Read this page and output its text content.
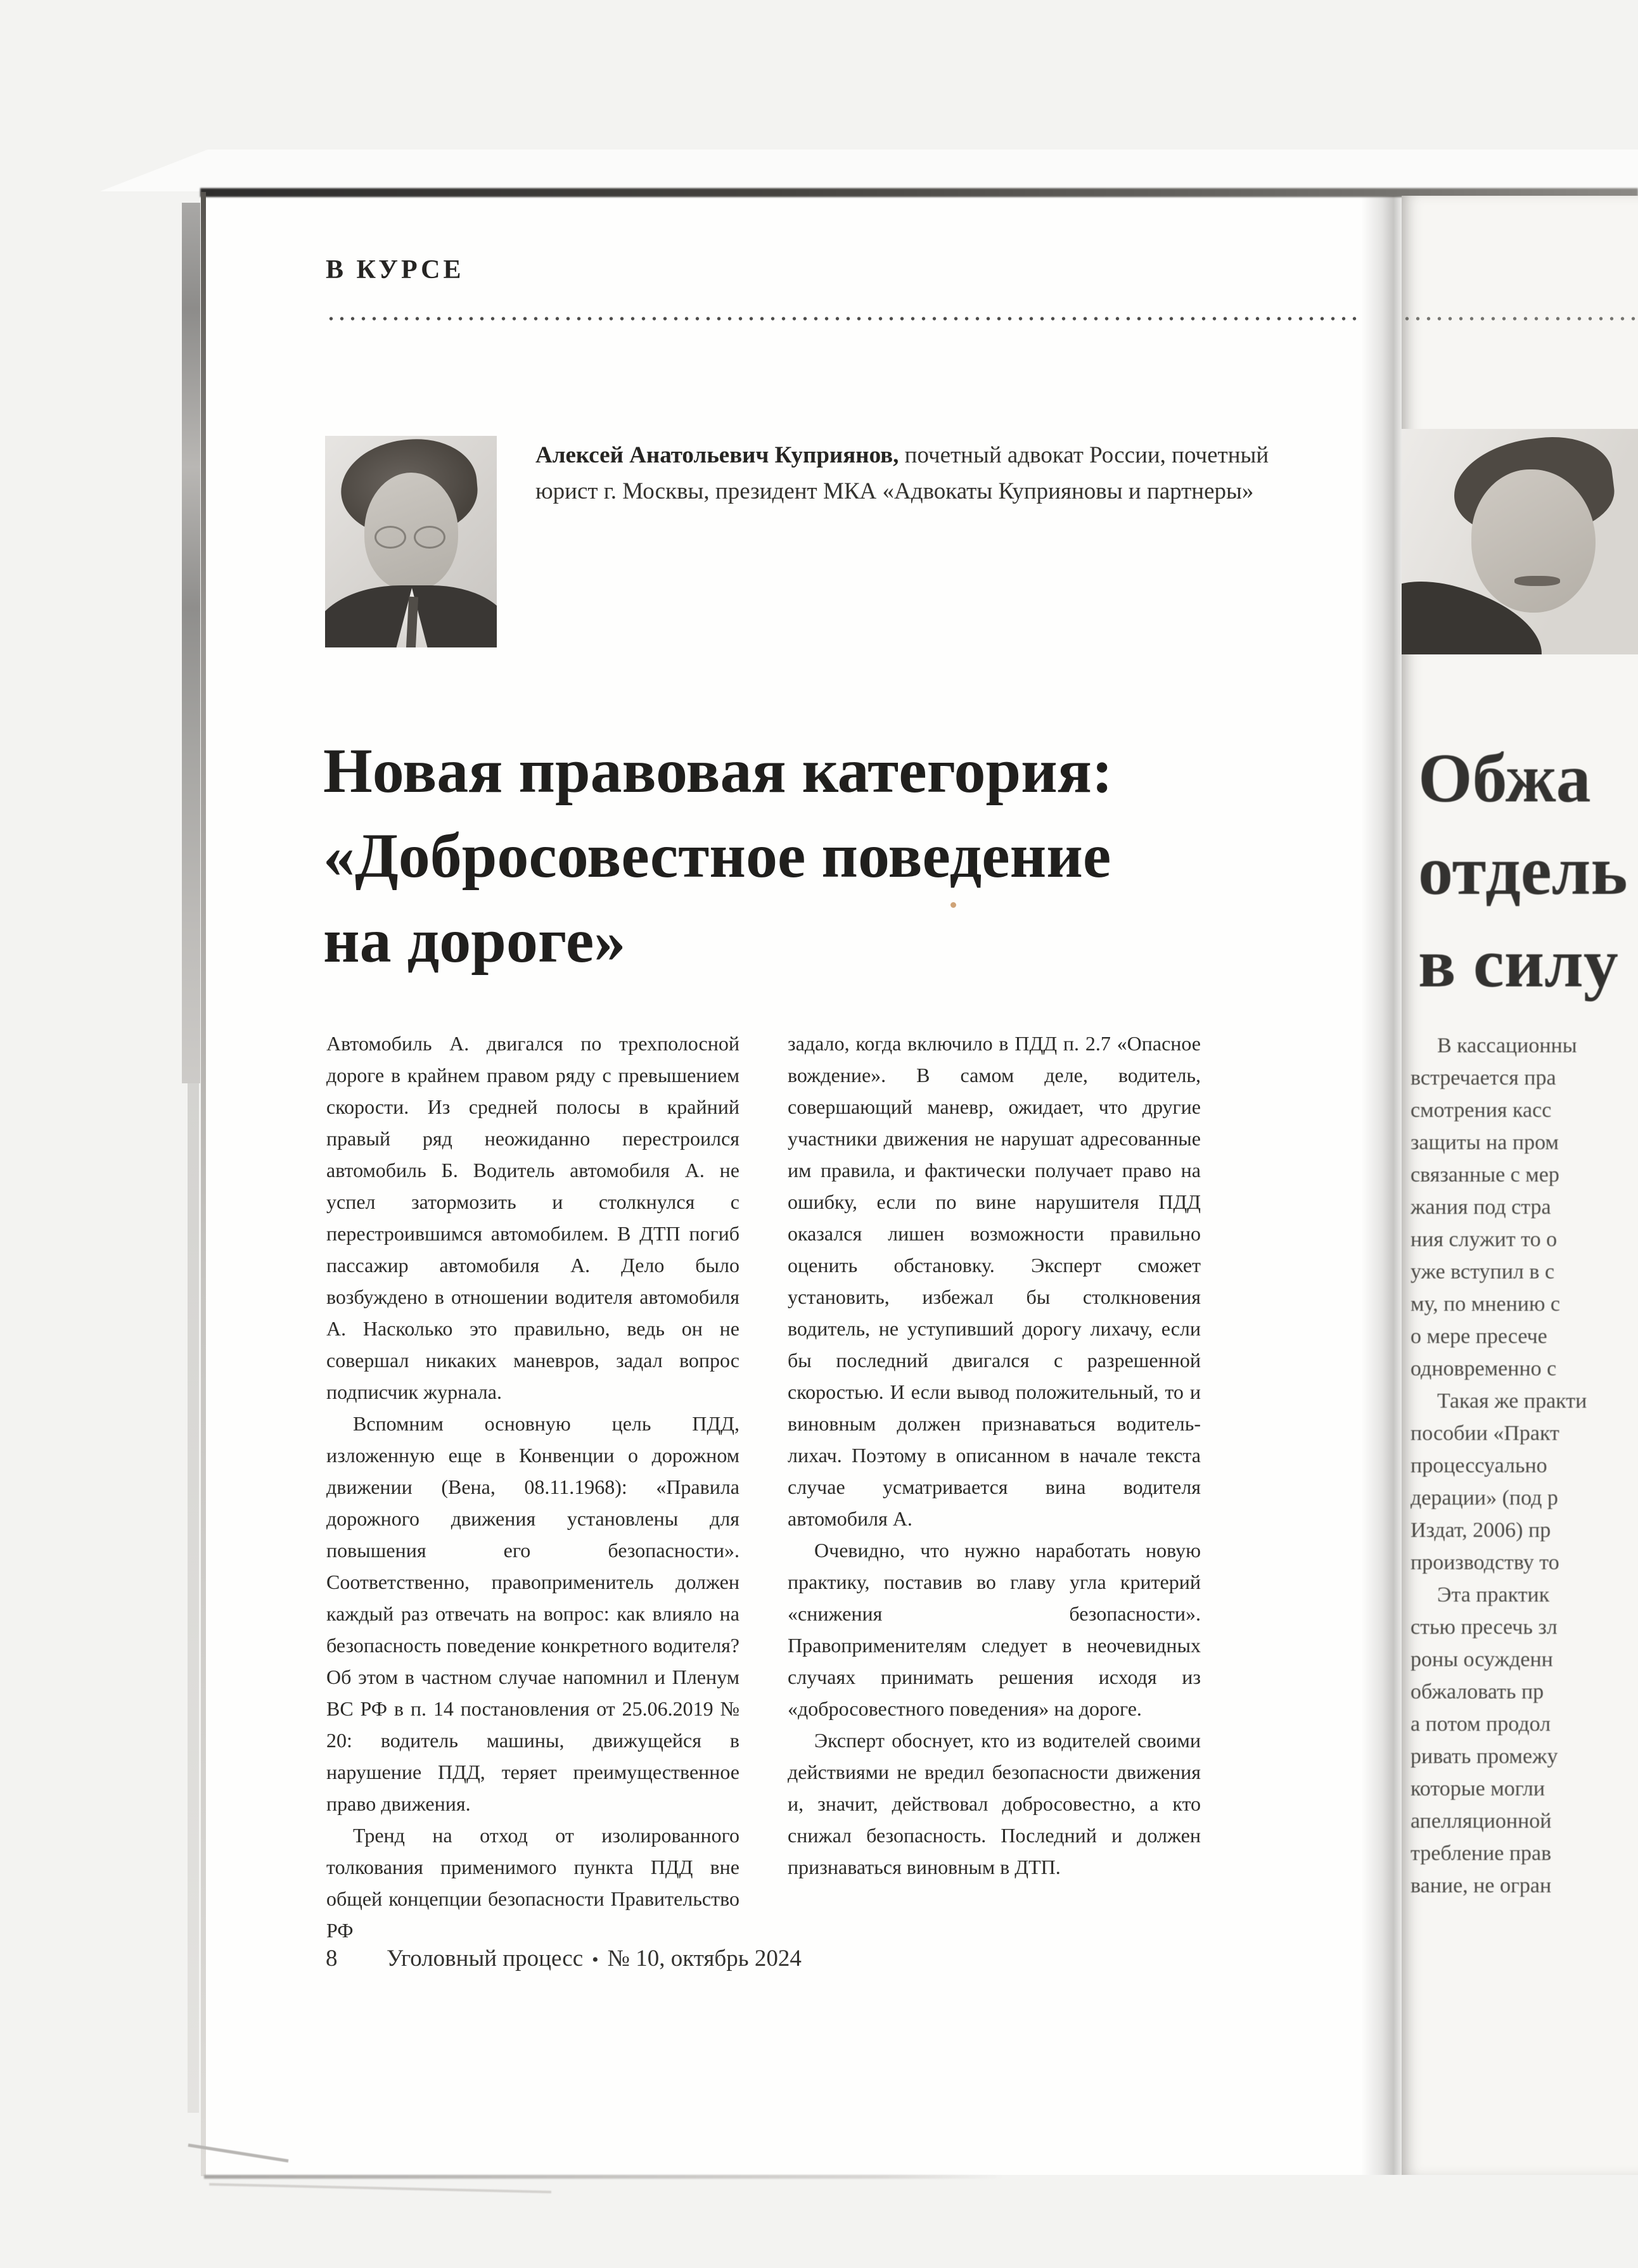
В КУРСЕ
Алексей Анатольевич Куприянов, почетный адвокат России, почетный
юрист г. Москвы, президент МКА «Адвокаты Куприяновы и партнеры»
Новая правовая категория:
«Добросовестное поведение
на дороге»

Автомобиль А. двигался по трехполосной дороге в крайнем правом ряду с превышением скорости. Из средней полосы в крайний правый ряд неожиданно перестроился автомобиль Б. Водитель автомобиля А. не успел затормозить и столкнулся с перестроившимся автомобилем. В ДТП погиб пассажир автомобиля А. Дело было возбуждено в отношении водителя автомобиля А. Насколько это правильно, ведь он не совершал никаких маневров, задал вопрос подписчик журнала.

Вспомним основную цель ПДД, изложенную еще в Конвенции о дорожном движении (Вена, 08.11.1968): «Правила дорожного движения установлены для повышения его безопасности». Соответственно, правоприменитель должен каждый раз отвечать на вопрос: как влияло на безопасность поведение конкретного водителя? Об этом в частном случае напомнил и Пленум ВС РФ в п. 14 постановления от 25.06.2019 № 20: водитель машины, движущейся в нарушение ПДД, теряет преимущественное право движения.

Тренд на отход от изолированного толкования применимого пункта ПДД вне общей концепции безопасности Правительство РФ

задало, когда включило в ПДД п. 2.7 «Опасное вождение». В самом деле, водитель, совершающий маневр, ожидает, что другие участники движения не нарушат адресованные им правила, и фактически получает право на ошибку, если по вине нарушителя ПДД оказался лишен возможности правильно оценить обстановку. Эксперт сможет установить, избежал бы столкновения водитель, не уступивший дорогу лихачу, если бы последний двигался с разрешенной скоростью. И если вывод положительный, то и виновным должен признаваться водитель-лихач. Поэтому в описанном в начале текста случае усматривается вина водителя автомобиля А.

Очевидно, что нужно наработать новую практику, поставив во главу угла критерий «снижения безопасности». Правоприменителям следует в неочевидных случаях принимать решения исходя из «добросовестного поведения» на дороге.

Эксперт обоснует, кто из водителей своими действиями не вредил безопасности движения и, значит, действовал добросовестно, а кто снижал безопасность. Последний и должен признаваться виновным в ДТП.

8 Уголовный процесс • № 10, октябрь 2024
Обжа
отдель
в силу
В кассационны
встречается пра
смотрения касс
защиты на пром
связанные с мер
жания под стра
ния служит то о
уже вступил в с
му, по мнению с
о мере пресече
одновременно с
Такая же практи
пособии «Практ
процессуально
дерации» (под р
Издат, 2006) пр
производству то
Эта практик
стью пресечь зл
роны осужденн
обжаловать пр
а потом продол
ривать промежу
которые могли
апелляционной
требление прав
вание, не огран
